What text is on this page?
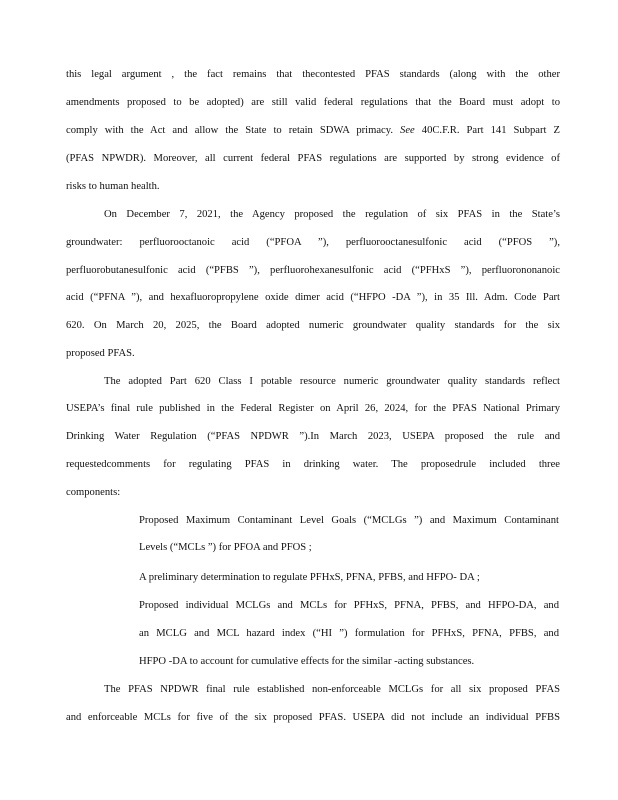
this legal argument , the fact remains that thecontested PFAS standards (along with the other
amendments proposed to be adopted) are still valid federal regulations that the Board must adopt to
comply with the Act and allow the State to retain SDWA primacy. See 40C.F.R. Part 141 Subpart Z
(PFAS NPWDR). Moreover, all current federal PFAS regulations are supported by strong evidence of
risks to human health.
On December 7, 2021, the Agency proposed the regulation of six PFAS in the State’s
groundwater: perfluorooctanoic acid (“PFOA ”), perfluorooctanesulfonic acid (“PFOS ”),
perfluorobutanesulfonic acid (“PFBS ”), perfluorohexanesulfonic acid (“PFHxS ”), perfluorononanoic
acid (“PFNA ”), and hexafluoropropylene oxide dimer acid (“HFPO -DA ”), in 35 Ill. Adm. Code Part
620. On March 20, 2025, the Board adopted numeric groundwater quality standards for the six
proposed PFAS.
The adopted Part 620 Class I potable resource numeric groundwater quality standards reflect
USEPA’s final rule published in the Federal Register on April 26, 2024, for the PFAS National Primary
Drinking Water Regulation (“PFAS NPDWR ”).In March 2023, USEPA proposed the rule and
requestedcomments for regulating PFAS in drinking water. The proposedrule included three
components:
Proposed Maximum Contaminant Level Goals (“MCLGs ”) and Maximum Contaminant
Levels (“MCLs ”) for PFOA and PFOS ;
A preliminary determination to regulate PFHxS, PFNA, PFBS, and HFPO- DA ;
Proposed individual MCLGs and MCLs for PFHxS, PFNA, PFBS, and HFPO-DA, and
an MCLG and MCL hazard index (“HI ”) formulation for PFHxS, PFNA, PFBS, and
HFPO -DA to account for cumulative effects for the similar -acting substances.
The PFAS NPDWR final rule established non-enforceable MCLGs for all six proposed PFAS
and enforceable MCLs for five of the six proposed PFAS. USEPA did not include an individual PFBS
